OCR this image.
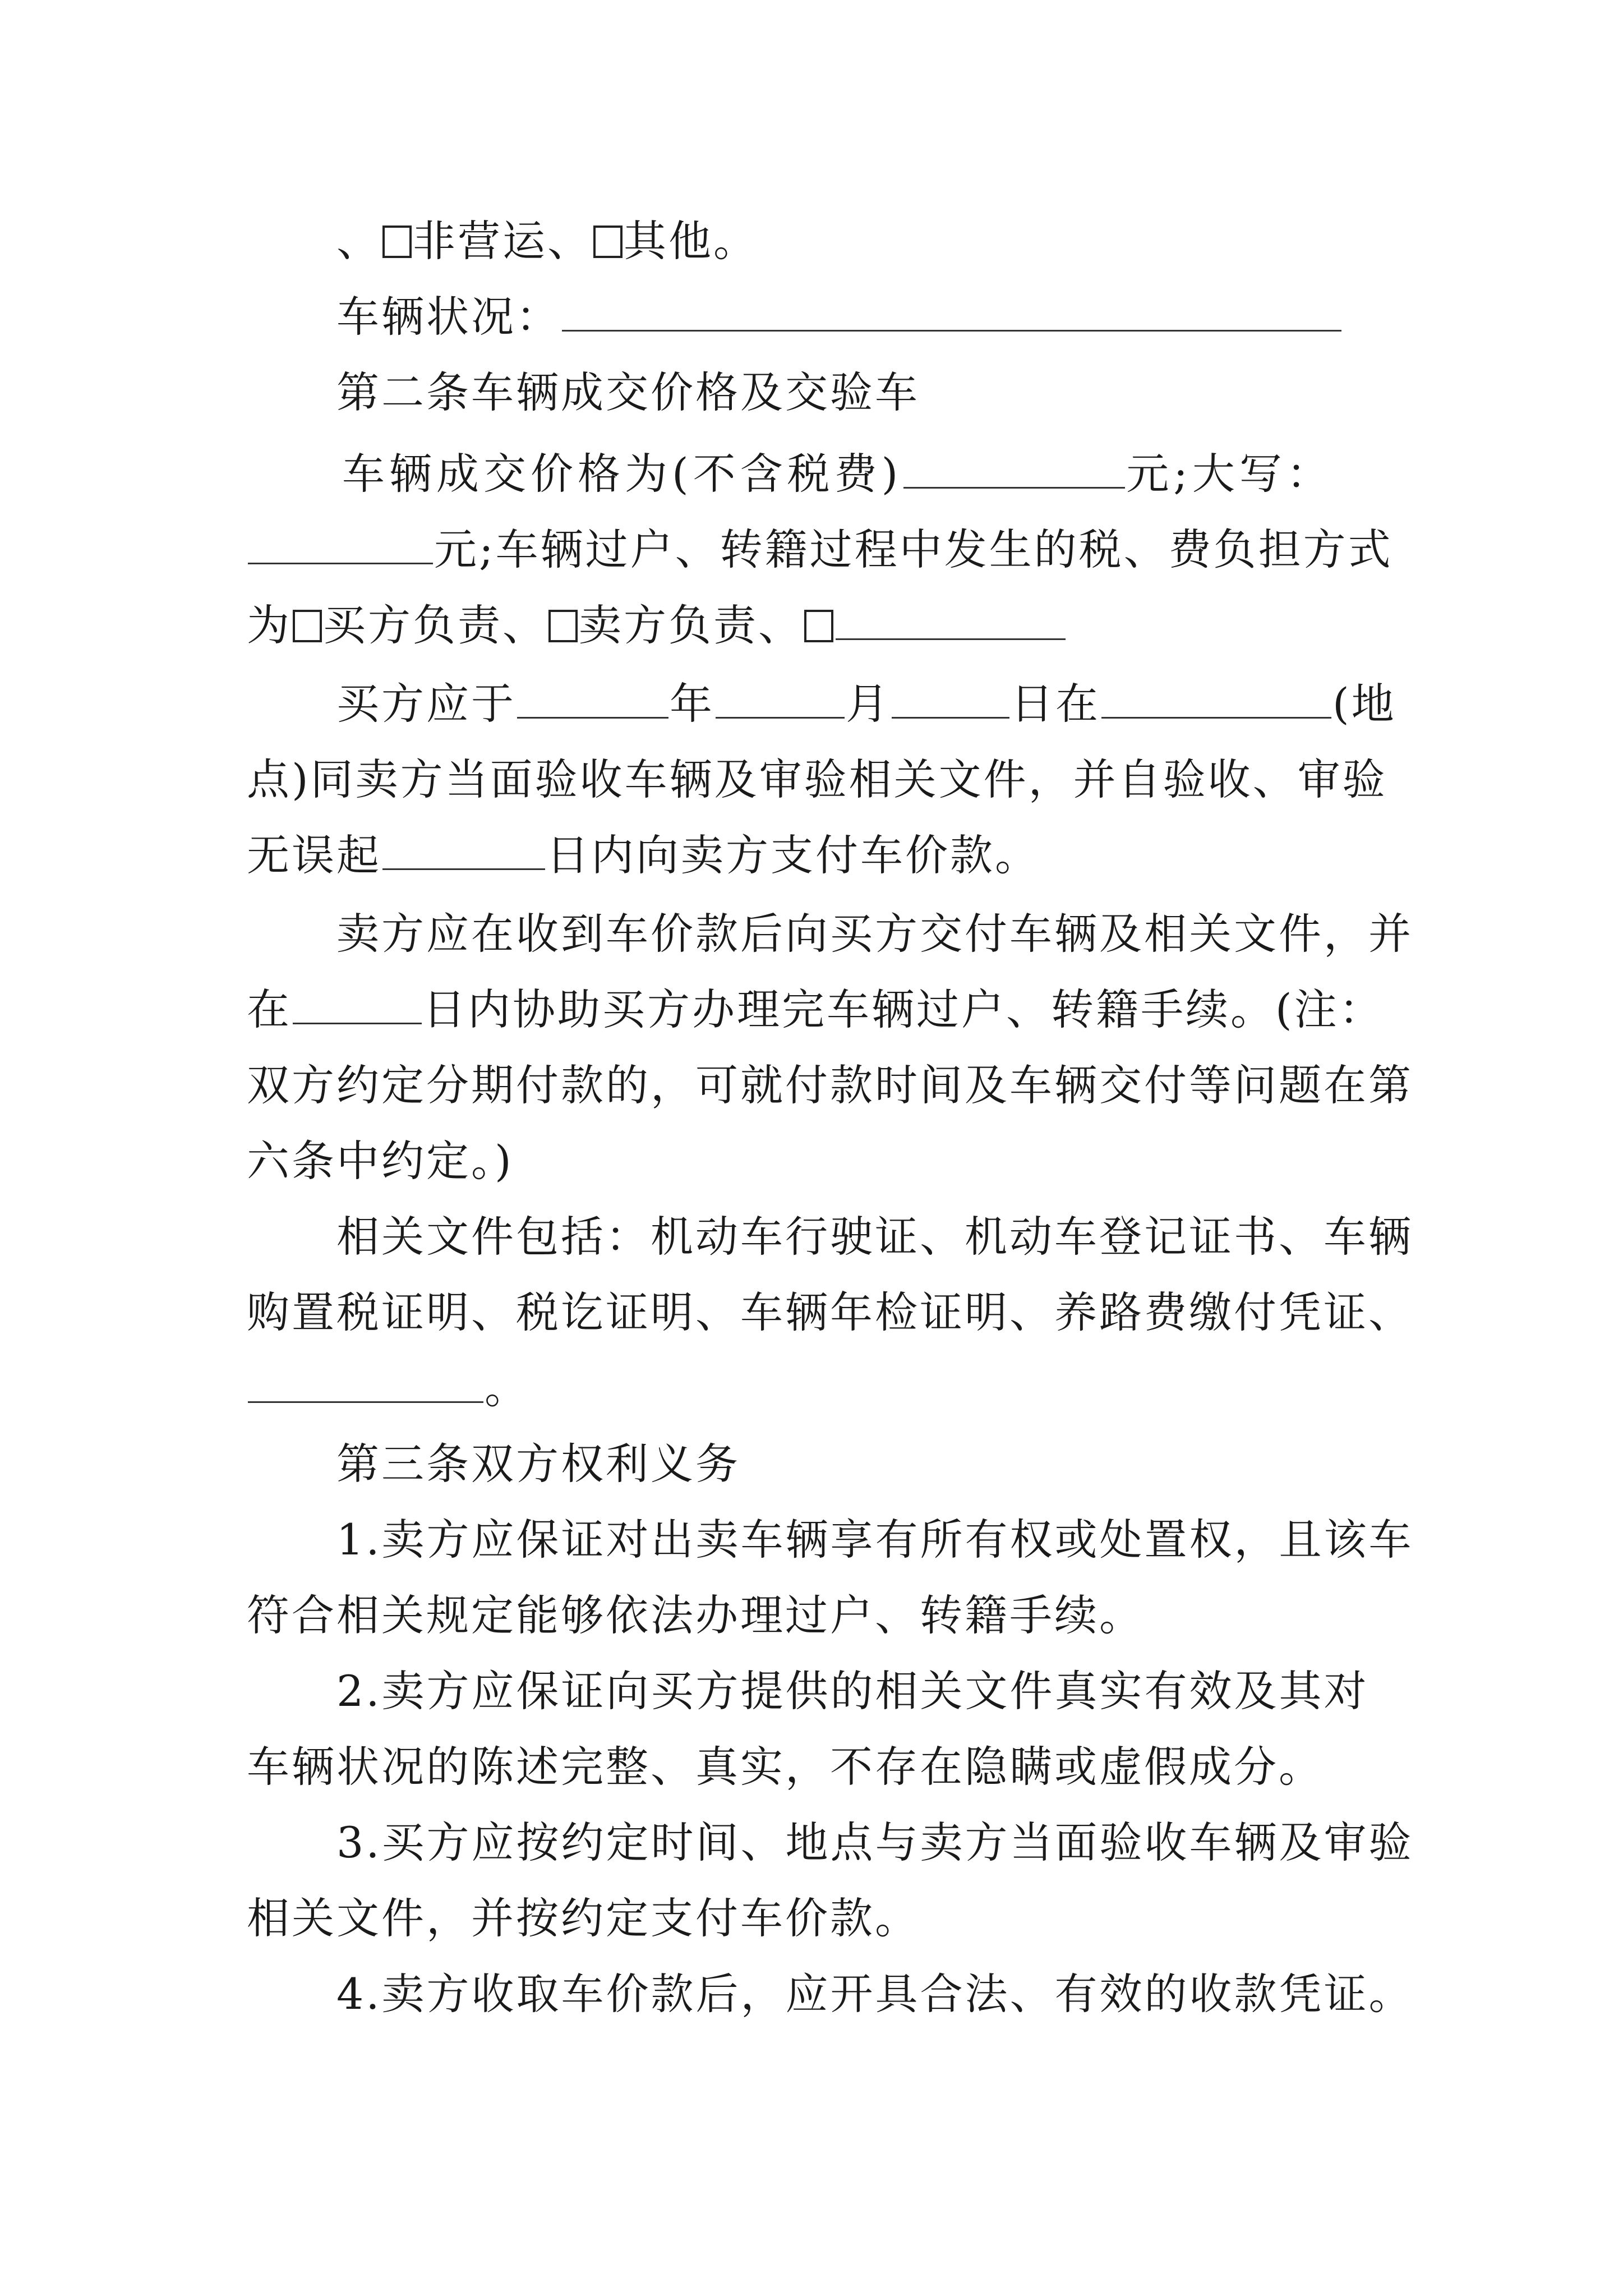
、 非营运、 其他。
车辆状况：
第二条车辆成交价格及交验车
车辆成交价格为(不含税费)	元;大写：
元;车辆过户、转籍过程中发生的税、费负担方式
为 买方负责、 卖方负责、
买方应于	年	月	日在	(地
点)同卖方当面验收车辆及审验相关文件，并自验收、审验
无误起	日内向卖方支付车价款。
卖方应在收到车价款后向买方交付车辆及相关文件，并
在	日内协助买方办理完车辆过户、转籍手续。(注：
双方约定分期付款的，可就付款时间及车辆交付等问题在第
六条中约定。)
相关文件包括：机动车行驶证、机动车登记证书、车辆
购置税证明、税讫证明、车辆年检证明、养路费缴付凭证、
。
第三条双方权利义务
1.卖方应保证对出卖车辆享有所有权或处置权，且该车
符合相关规定能够依法办理过户、转籍手续。
2.卖方应保证向买方提供的相关文件真实有效及其对
车辆状况的陈述完整、真实，不存在隐瞒或虚假成分。
3.买方应按约定时间、地点与卖方当面验收车辆及审验
相关文件，并按约定支付车价款。
4.卖方收取车价款后，应开具合法、有效的收款凭证。
